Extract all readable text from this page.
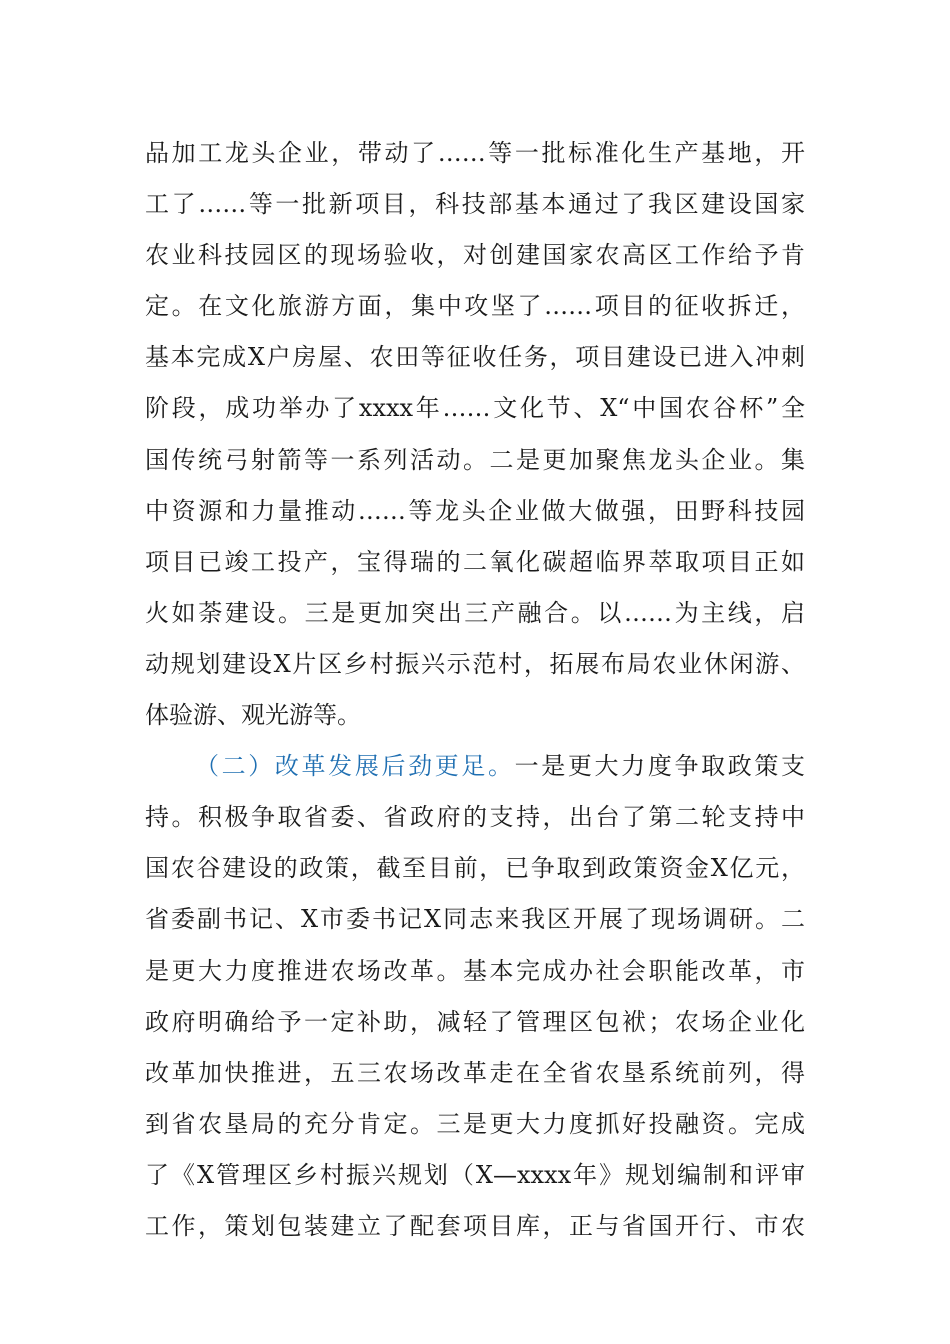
品加工龙头企业，带动了……等一批标准化生产基地，开
工了……等一批新项目，科技部基本通过了我区建设国家
农业科技园区的现场验收，对创建国家农高区工作给予肯
定。在文化旅游方面，集中攻坚了……项目的征收拆迁，
基本完成X户房屋、农田等征收任务，项目建设已进入冲刺
阶段，成功举办了xxxx年……文化节、X“中国农谷杯”全
国传统弓射箭等一系列活动。二是更加聚焦龙头企业。集
中资源和力量推动……等龙头企业做大做强，田野科技园
项目已竣工投产，宝得瑞的二氧化碳超临界萃取项目正如
火如荼建设。三是更加突出三产融合。以……为主线，启
动规划建设X片区乡村振兴示范村，拓展布局农业休闲游、
体验游、观光游等。
（二）改革发展后劲更足。一是更大力度争取政策支
持。积极争取省委、省政府的支持，出台了第二轮支持中
国农谷建设的政策，截至目前，已争取到政策资金X亿元，
省委副书记、X市委书记X同志来我区开展了现场调研。二
是更大力度推进农场改革。基本完成办社会职能改革，市
政府明确给予一定补助，减轻了管理区包袱；农场企业化
改革加快推进，五三农场改革走在全省农垦系统前列，得
到省农垦局的充分肯定。三是更大力度抓好投融资。完成
了《X管理区乡村振兴规划（X—xxxx年》规划编制和评审
工作，策划包装建立了配套项目库，正与省国开行、市农
